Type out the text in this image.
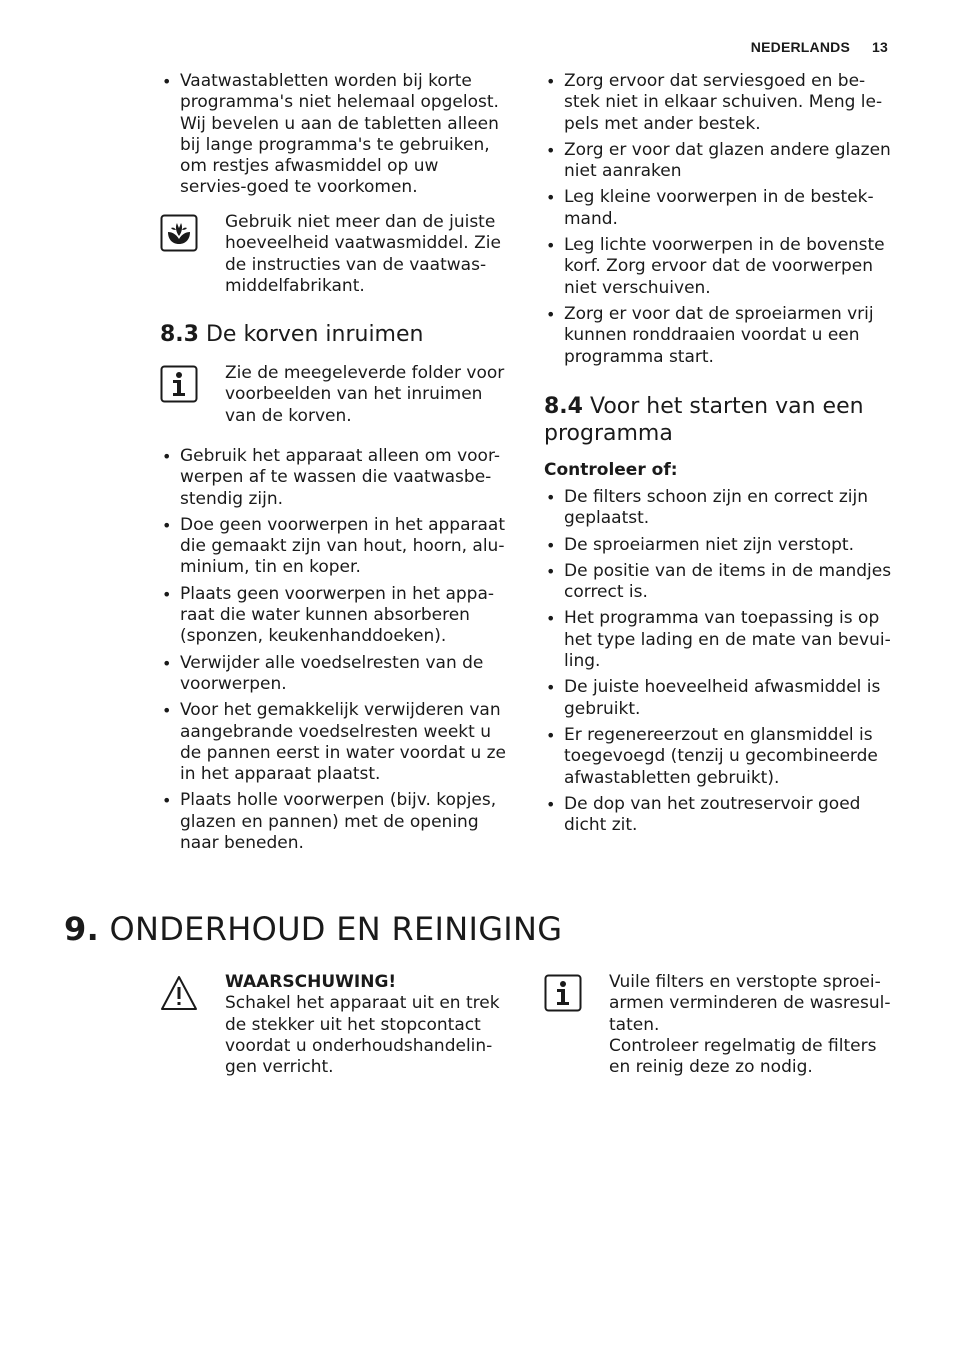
NEDERLANDS 13
• Vaatwastabletten worden bij korte programma's niet helemaal opgelost. Wij bevelen u aan de tabletten alleen bij lange programma's te gebruiken, om restjes afwasmiddel op uw servies-goed te voorkomen.
Gebruik niet meer dan de juiste hoeveelheid vaatwasmiddel. Zie de instructies van de vaatwas-middelfabrikant.
8.3 De korven inruimen
Zie de meegeleverde folder voor voorbeelden van het inruimen van de korven.
• Gebruik het apparaat alleen om voor-werpen af te wassen die vaatwasbe-stendig zijn.
• Doe geen voorwerpen in het apparaat die gemaakt zijn van hout, hoorn, alu-minium, tin en koper.
• Plaats geen voorwerpen in het appa-raat die water kunnen absorberen (sponzen, keukenhanddoeken).
• Verwijder alle voedselresten van de voorwerpen.
• Voor het gemakkelijk verwijderen van aangebrande voedselresten weekt u de pannen eerst in water voordat u ze in het apparaat plaatst.
• Plaats holle voorwerpen (bijv. kopjes, glazen en pannen) met de opening naar beneden.
• Zorg ervoor dat serviesgoed en be-stek niet in elkaar schuiven. Meng le-pels met ander bestek.
• Zorg er voor dat glazen andere glazen niet aanraken
• Leg kleine voorwerpen in de bestek-mand.
• Leg lichte voorwerpen in de bovenste korf. Zorg ervoor dat de voorwerpen niet verschuiven.
• Zorg er voor dat de sproeiarmen vrij kunnen ronddraaien voordat u een programma start.
8.4 Voor het starten van een programma
Controleer of:
• De filters schoon zijn en correct zijn geplaatst.
• De sproeiarmen niet zijn verstopt.
• De positie van de items in de mandjes correct is.
• Het programma van toepassing is op het type lading en de mate van bevui-ling.
• De juiste hoeveelheid afwasmiddel is gebruikt.
• Er regenereerzout en glansmiddel is toegevoegd (tenzij u gecombineerde afwastabletten gebruikt).
• De dop van het zoutreservoir goed dicht zit.
9. ONDERHOUD EN REINIGING
WAARSCHUWING!
Schakel het apparaat uit en trek de stekker uit het stopcontact voordat u onderhoudshandelin-gen verricht.
Vuile filters en verstopte sproei-armen verminderen de wasresul-taten.
Controleer regelmatig de filters en reinig deze zo nodig.
